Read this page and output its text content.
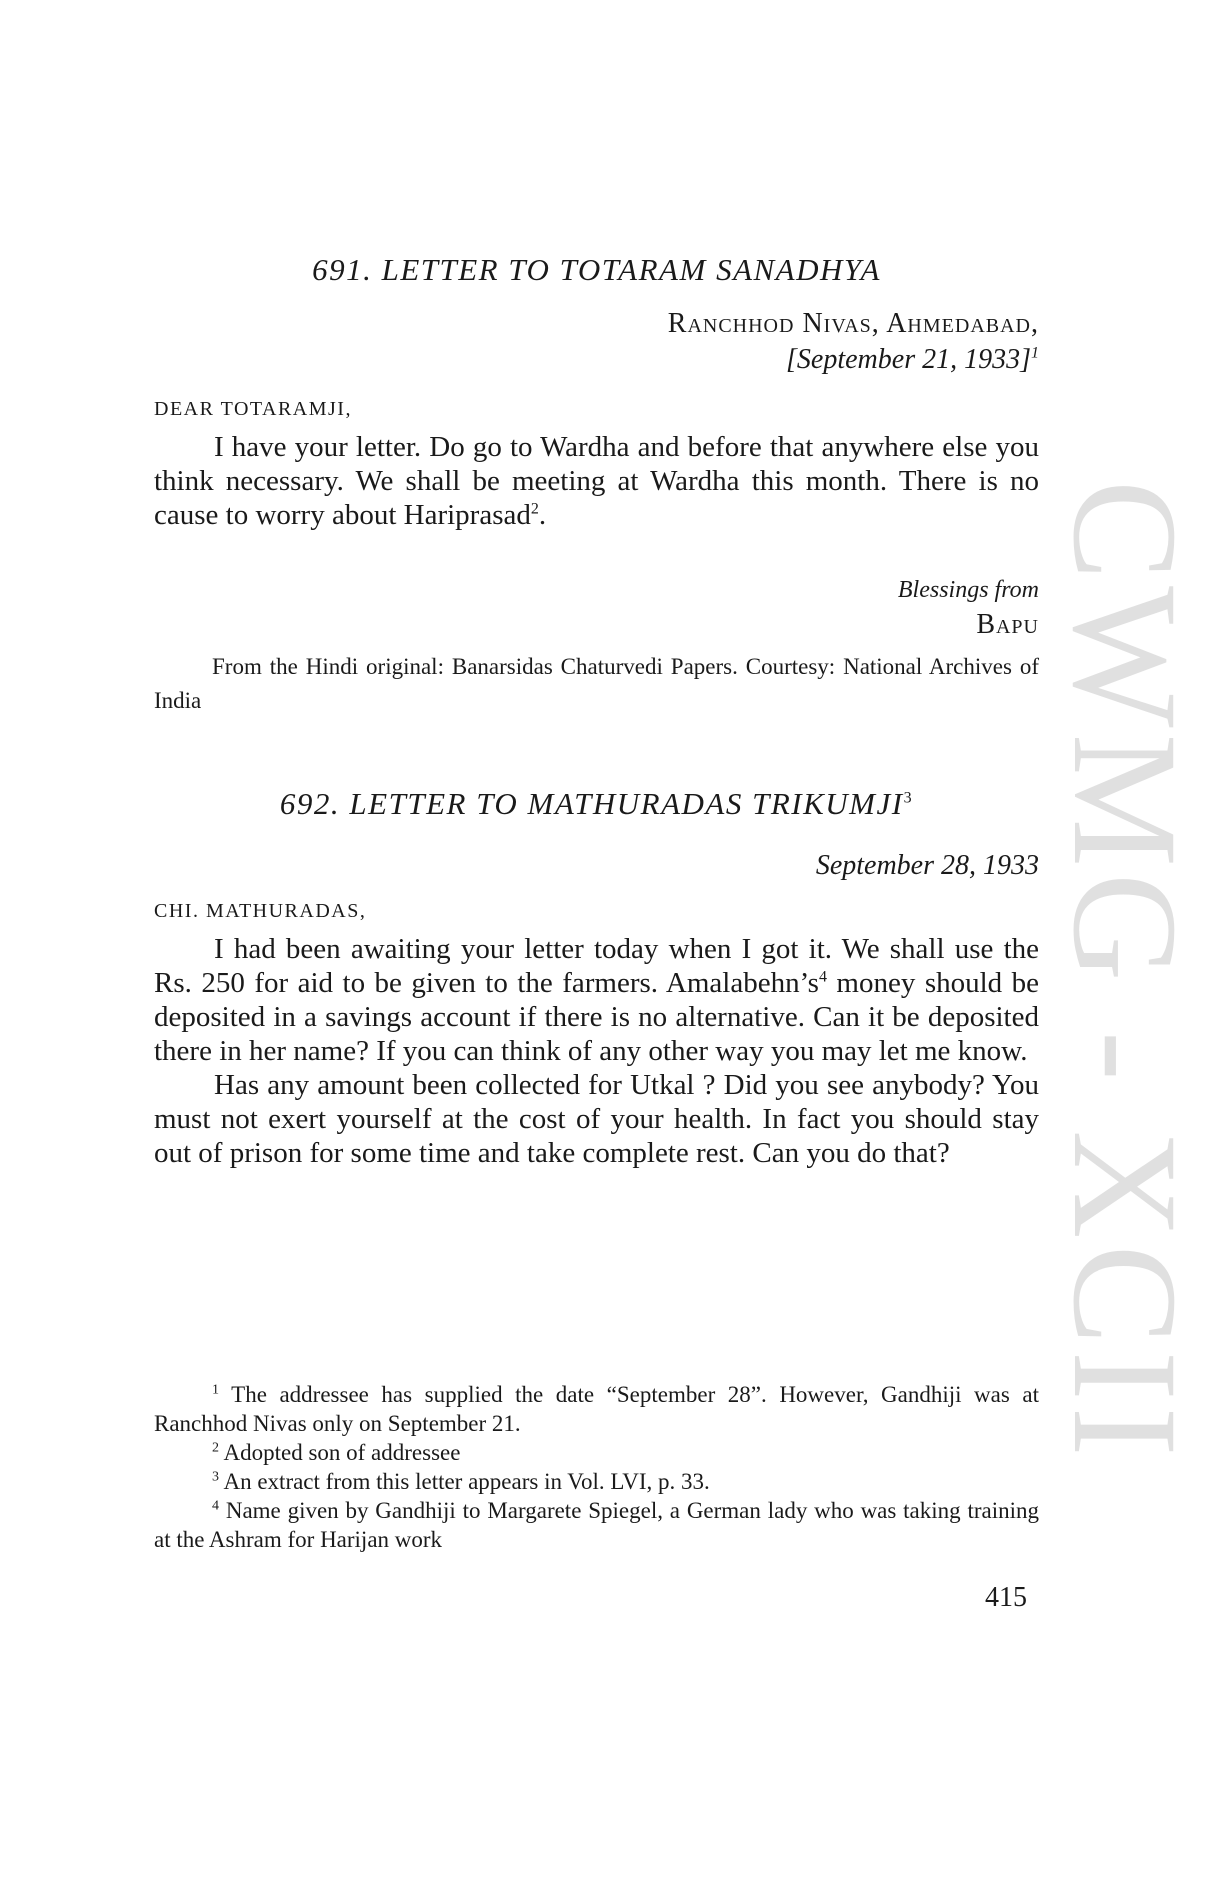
CWMG - XCII

691. LETTER TO TOTARAM SANADHYA

Ranchhod Nivas, Ahmedabad,
[September 21, 1933]$^1$

DEAR TOTARAMJI,

I have your letter. Do go to Wardha and before that anywhere else you think necessary. We shall be meeting at Wardha this month. There is no cause to worry about Hariprasad$^2$.

Blessings from
Bapu

From the Hindi original: Banarsidas Chaturvedi Papers. Courtesy: National Archives of India

692. LETTER TO MATHURADAS TRIKUMJI$^3$

September 28, 1933

CHI. MATHURADAS,

I had been awaiting your letter today when I got it. We shall use the Rs. 250 for aid to be given to the farmers. $Amalabehn’s^4$ money should be deposited in a savings account if there is no alternative. Can it be deposited there in her name? If you can think of any other way you may let me know.

Has any amount been collected for Utkal ? Did you see anybody? You must not exert yourself at the cost of your health. In fact you should stay out of prison for some time and take complete rest. Can you do that?

$^1$ The addressee has supplied the date “September 28”. However, Gandhiji was at Ranchhod Nivas only on September 21.

$^2$ Adopted son of addressee

$^3$ An extract from this letter appears in Vol. LVI, p. 33.

$^4$ Name given by Gandhiji to Margarete Spiegel, a German lady who was taking training at the Ashram for Harijan work

415
